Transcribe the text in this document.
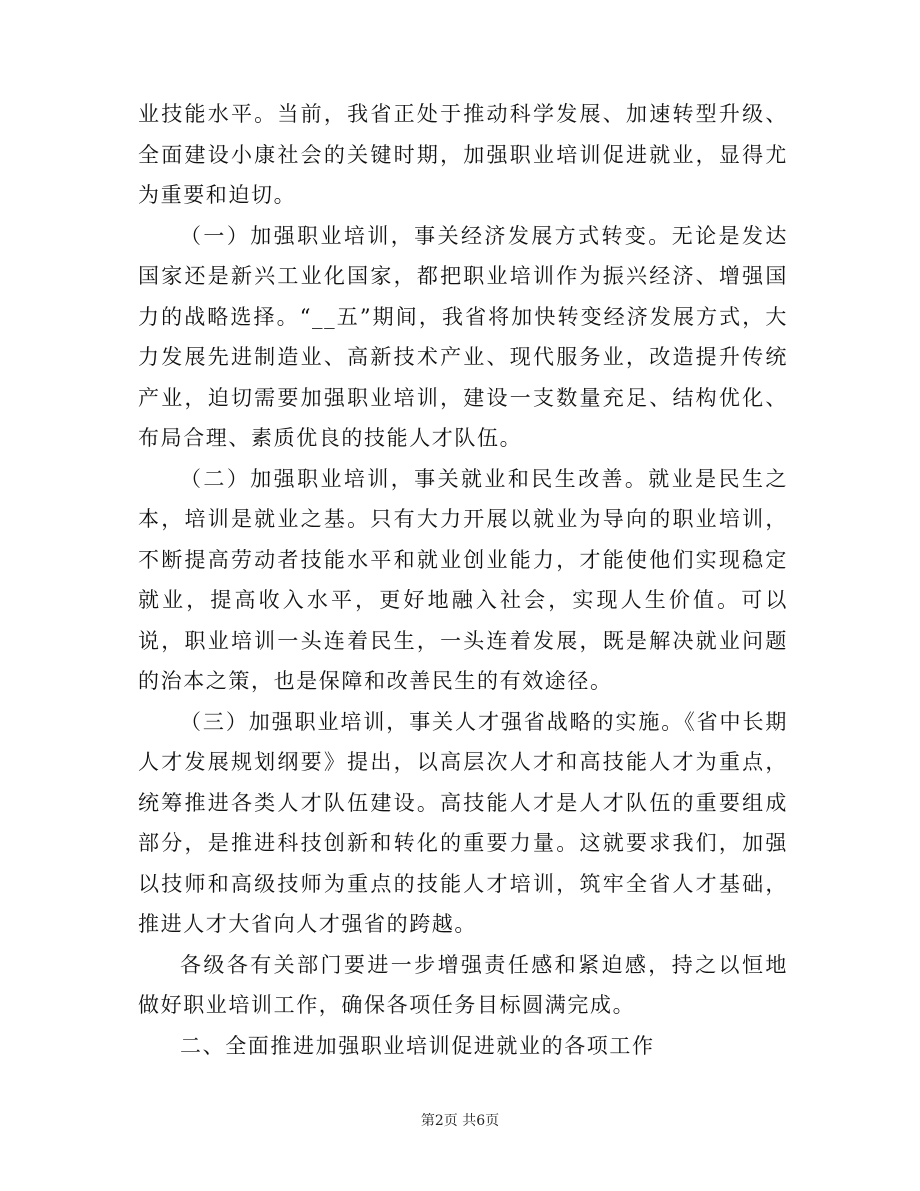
业技能水平。当前，我省正处于推动科学发展、加速转型升级、全面建设小康社会的关键时期，加强职业培训促进就业，显得尤为重要和迫切。

（一）加强职业培训，事关经济发展方式转变。无论是发达国家还是新兴工业化国家，都把职业培训作为振兴经济、增强国力的战略选择。“__五”期间，我省将加快转变经济发展方式，大力发展先进制造业、高新技术产业、现代服务业，改造提升传统产业，迫切需要加强职业培训，建设一支数量充足、结构优化、布局合理、素质优良的技能人才队伍。

（二）加强职业培训，事关就业和民生改善。就业是民生之本，培训是就业之基。只有大力开展以就业为导向的职业培训，不断提高劳动者技能水平和就业创业能力，才能使他们实现稳定就业，提高收入水平，更好地融入社会，实现人生价值。可以说，职业培训一头连着民生，一头连着发展，既是解决就业问题的治本之策，也是保障和改善民生的有效途径。

（三）加强职业培训，事关人才强省战略的实施。《省中长期人才发展规划纲要》提出，以高层次人才和高技能人才为重点，统筹推进各类人才队伍建设。高技能人才是人才队伍的重要组成部分，是推进科技创新和转化的重要力量。这就要求我们，加强以技师和高级技师为重点的技能人才培训，筑牢全省人才基础，推进人才大省向人才强省的跨越。

各级各有关部门要进一步增强责任感和紧迫感，持之以恒地做好职业培训工作，确保各项任务目标圆满完成。

二、全面推进加强职业培训促进就业的各项工作

第2页 共6页
